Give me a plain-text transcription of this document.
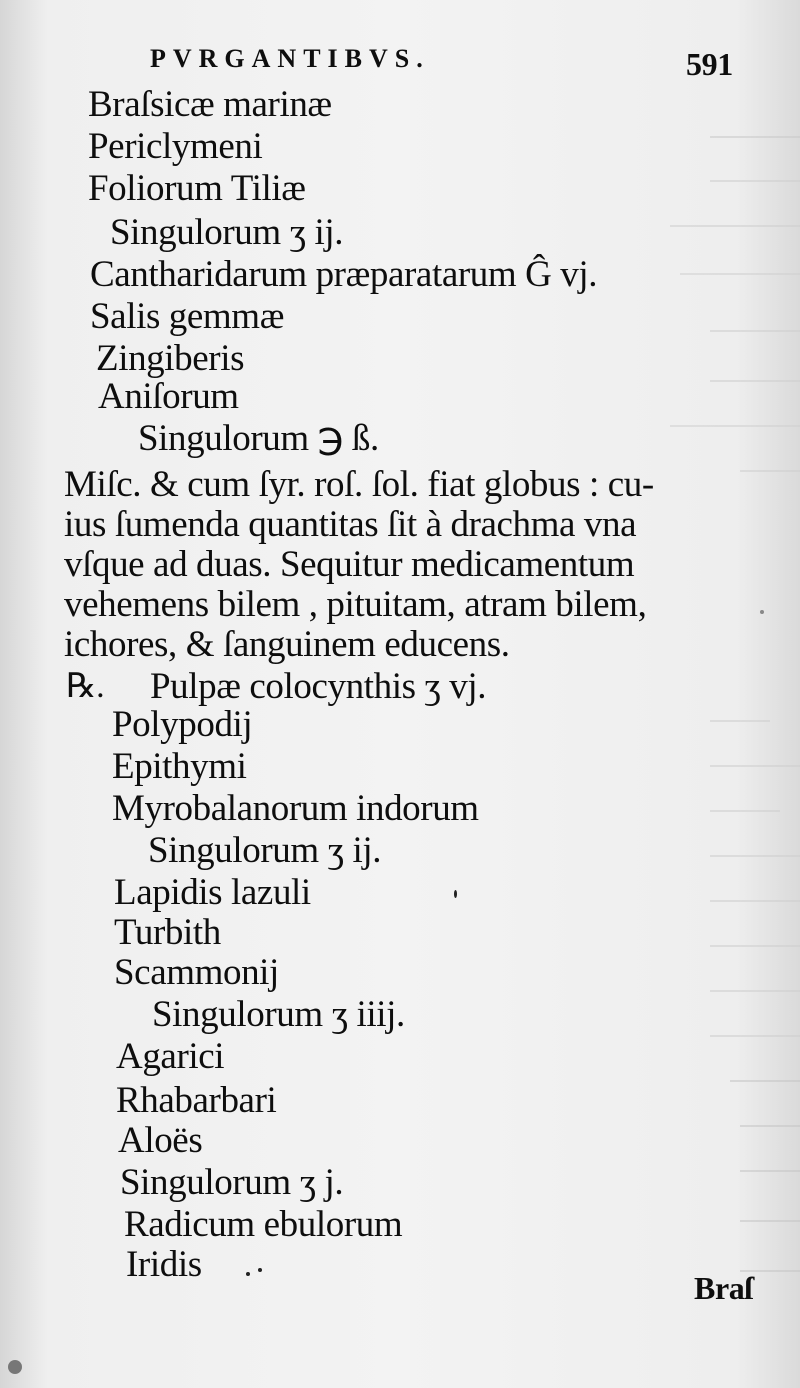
PVRGANTIBVS.	591
Braſsicæ marinæ
Periclymeni
Foliorum Tiliæ
Singulorum ʒ ij.
Cantharidarum præparatarum Ĝ vj.
Salis gemmæ
Zingiberis
Aniſorum
Singulorum ℈ ß.
Miſc. & cum ſyr. roſ. ſol. fiat globus : cu-
ius ſumenda quantitas ſit à drachma vna
vſque ad duas. Sequitur medicamentum
vehemens bilem , pituitam, atram bilem,
ichores, & ſanguinem educens.
℞. Pulpæ colocynthis ʒ vj.
Polypodij
Epithymi
Myrobalanorum indorum
Singulorum ʒ ij.
Lapidis lazuli
Turbith
Scammonij
Singulorum ʒ iiij.
Agarici
Rhabarbari
Aloës
Singulorum ʒ j.
Radicum ebulorum
Iridis
Braſ
